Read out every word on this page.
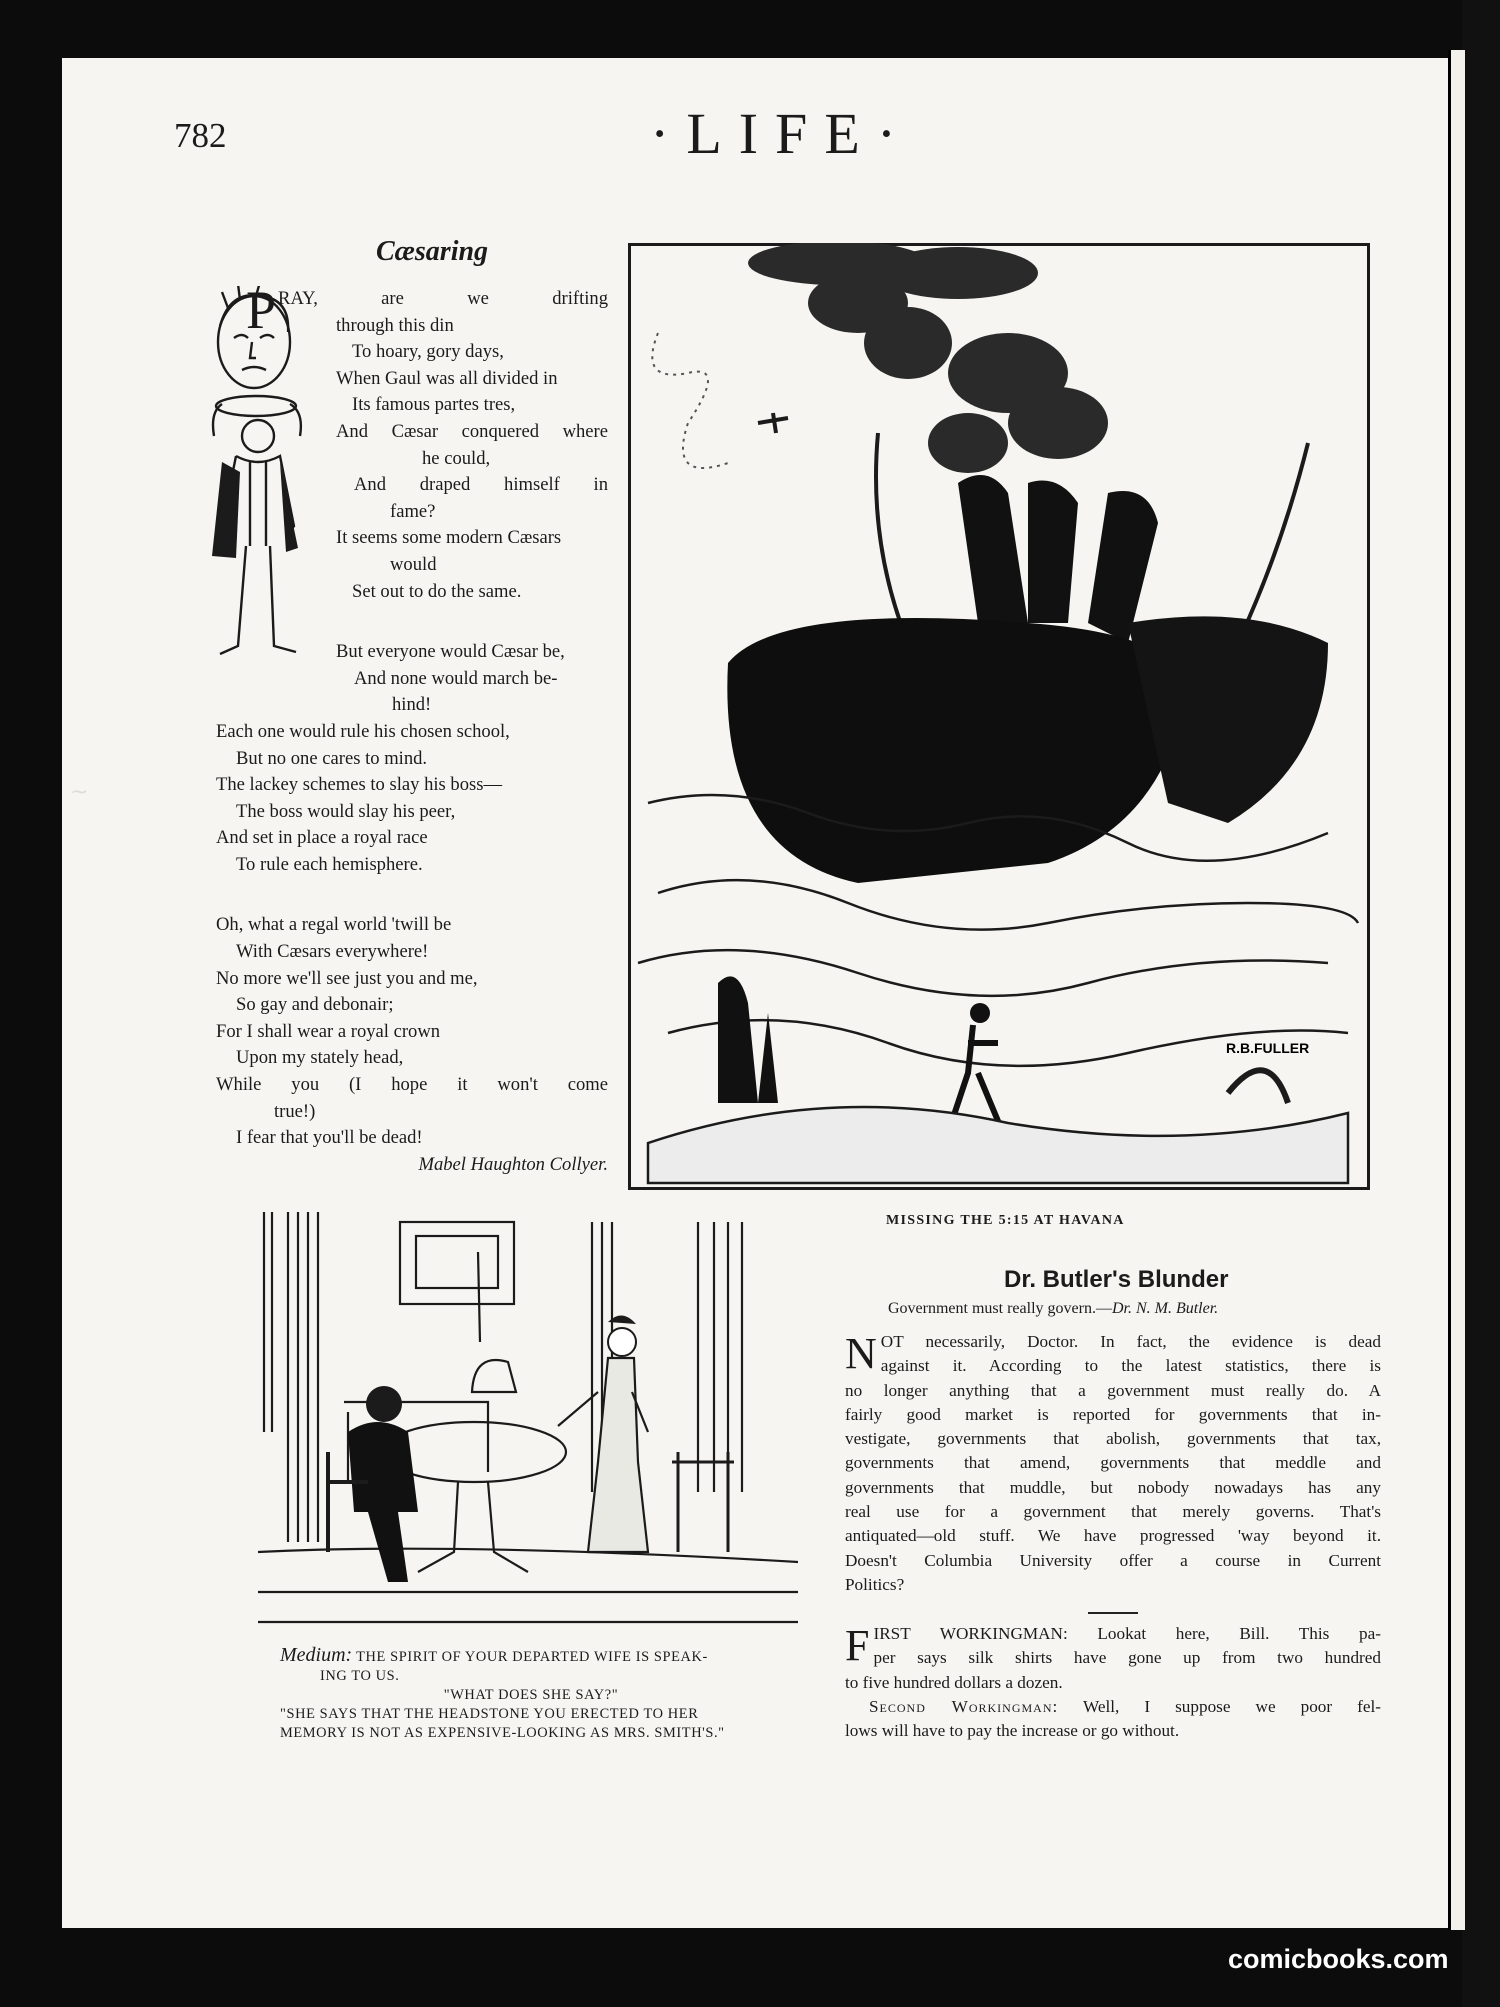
~
782	·LIFE·
Cæsaring
P RAY, are we drifting
through this din
To hoary, gory days,
When Gaul was all divided in
Its famous partes tres,
And Cæsar conquered where
he could,
And draped himself in
fame?
It seems some modern Cæsars
would
Set out to do the same.
But everyone would Cæsar be,
And none would march be-
hind!
Each one would rule his chosen school,
But no one cares to mind.
The lackey schemes to slay his boss—
The boss would slay his peer,
And set in place a royal race
To rule each hemisphere.
Oh, what a regal world 'twill be
With Cæsars everywhere!
No more we'll see just you and me,
So gay and debonair;
For I shall wear a royal crown
Upon my stately head,
While you (I hope it won't come
true!)
I fear that you'll be dead!
Mabel Haughton Collyer.
R.B.FULLER
MISSING THE 5:15 AT HAVANA
Medium: THE SPIRIT OF YOUR DEPARTED WIFE IS SPEAK-
ING TO US.
"WHAT DOES SHE SAY?"
"SHE SAYS THAT THE HEADSTONE YOU ERECTED TO HER
MEMORY IS NOT AS EXPENSIVE-LOOKING AS MRS. SMITH'S."
Dr. Butler's Blunder
Government must really govern.—Dr. N. M. Butler.
N OT necessarily, Doctor. In fact, the evidence is dead
against it. According to the latest statistics, there is
no longer anything that a government must really do. A
fairly good market is reported for governments that in-
vestigate, governments that abolish, governments that tax,
governments that amend, governments that meddle and
governments that muddle, but nobody nowadays has any
real use for a government that merely governs. That's
antiquated—old stuff. We have progressed 'way beyond it.
Doesn't Columbia University offer a course in Current
Politics?
F IRST WORKINGMAN: Lookat here, Bill. This pa-
per says silk shirts have gone up from two hundred
to five hundred dollars a dozen.
Second Workingman: Well, I suppose we poor fel-
lows will have to pay the increase or go without.
comicbooks.com
